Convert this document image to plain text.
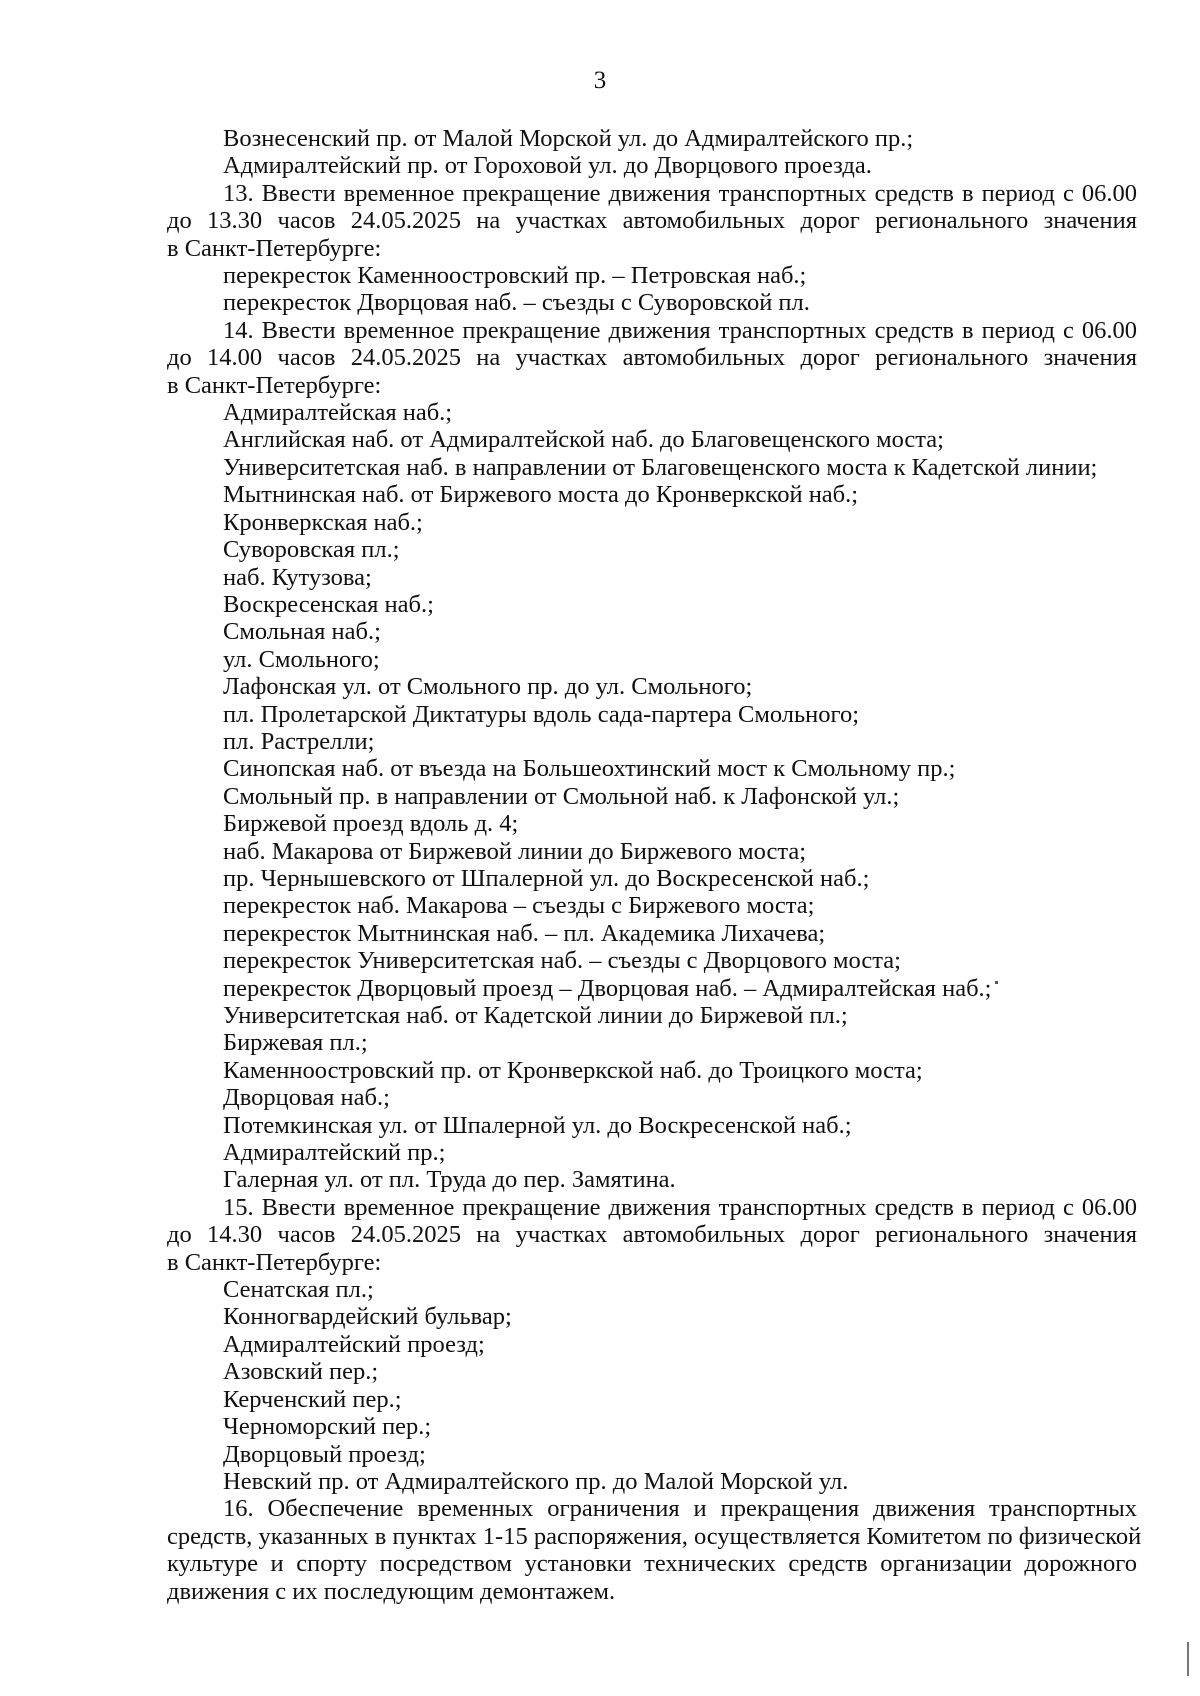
3
Вознесенский пр. от Малой Морской ул. до Адмиралтейского пр.;
Адмиралтейский пр. от Гороховой ул. до Дворцового проезда.
13. Ввести временное прекращение движения транспортных средств в период с 06.00
до 13.30 часов 24.05.2025 на участках автомобильных дорог регионального значения
в Санкт-Петербурге:
перекресток Каменноостровский пр. – Петровская наб.;
перекресток Дворцовая наб. – съезды с Суворовской пл.
14. Ввести временное прекращение движения транспортных средств в период с 06.00
до 14.00 часов 24.05.2025 на участках автомобильных дорог регионального значения
в Санкт-Петербурге:
Адмиралтейская наб.;
Английская наб. от Адмиралтейской наб. до Благовещенского моста;
Университетская наб. в направлении от Благовещенского моста к Кадетской линии;
Мытнинская наб. от Биржевого моста до Кронверкской наб.;
Кронверкская наб.;
Суворовская пл.;
наб. Кутузова;
Воскресенская наб.;
Смольная наб.;
ул. Смольного;
Лафонская ул. от Смольного пр. до ул. Смольного;
пл. Пролетарской Диктатуры вдоль сада-партера Смольного;
пл. Растрелли;
Синопская наб. от въезда на Большеохтинский мост к Смольному пр.;
Смольный пр. в направлении от Смольной наб. к Лафонской ул.;
Биржевой проезд вдоль д. 4;
наб. Макарова от Биржевой линии до Биржевого моста;
пр. Чернышевского от Шпалерной ул. до Воскресенской наб.;
перекресток наб. Макарова – съезды с Биржевого моста;
перекресток Мытнинская наб. – пл. Академика Лихачева;
перекресток Университетская наб. – съезды с Дворцового моста;
перекресток Дворцовый проезд – Дворцовая наб. – Адмиралтейская наб.;
Университетская наб. от Кадетской линии до Биржевой пл.;
Биржевая пл.;
Каменноостровский пр. от Кронверкской наб. до Троицкого моста;
Дворцовая наб.;
Потемкинская ул. от Шпалерной ул. до Воскресенской наб.;
Адмиралтейский пр.;
Галерная ул. от пл. Труда до пер. Замятина.
15. Ввести временное прекращение движения транспортных средств в период с 06.00
до 14.30 часов 24.05.2025 на участках автомобильных дорог регионального значения
в Санкт-Петербурге:
Сенатская пл.;
Конногвардейский бульвар;
Адмиралтейский проезд;
Азовский пер.;
Керченский пер.;
Черноморский пер.;
Дворцовый проезд;
Невский пр. от Адмиралтейского пр. до Малой Морской ул.
16. Обеспечение временных ограничения и прекращения движения транспортных
средств, указанных в пунктах 1-15 распоряжения, осуществляется Комитетом по физической
культуре и спорту посредством установки технических средств организации дорожного
движения с их последующим демонтажем.
